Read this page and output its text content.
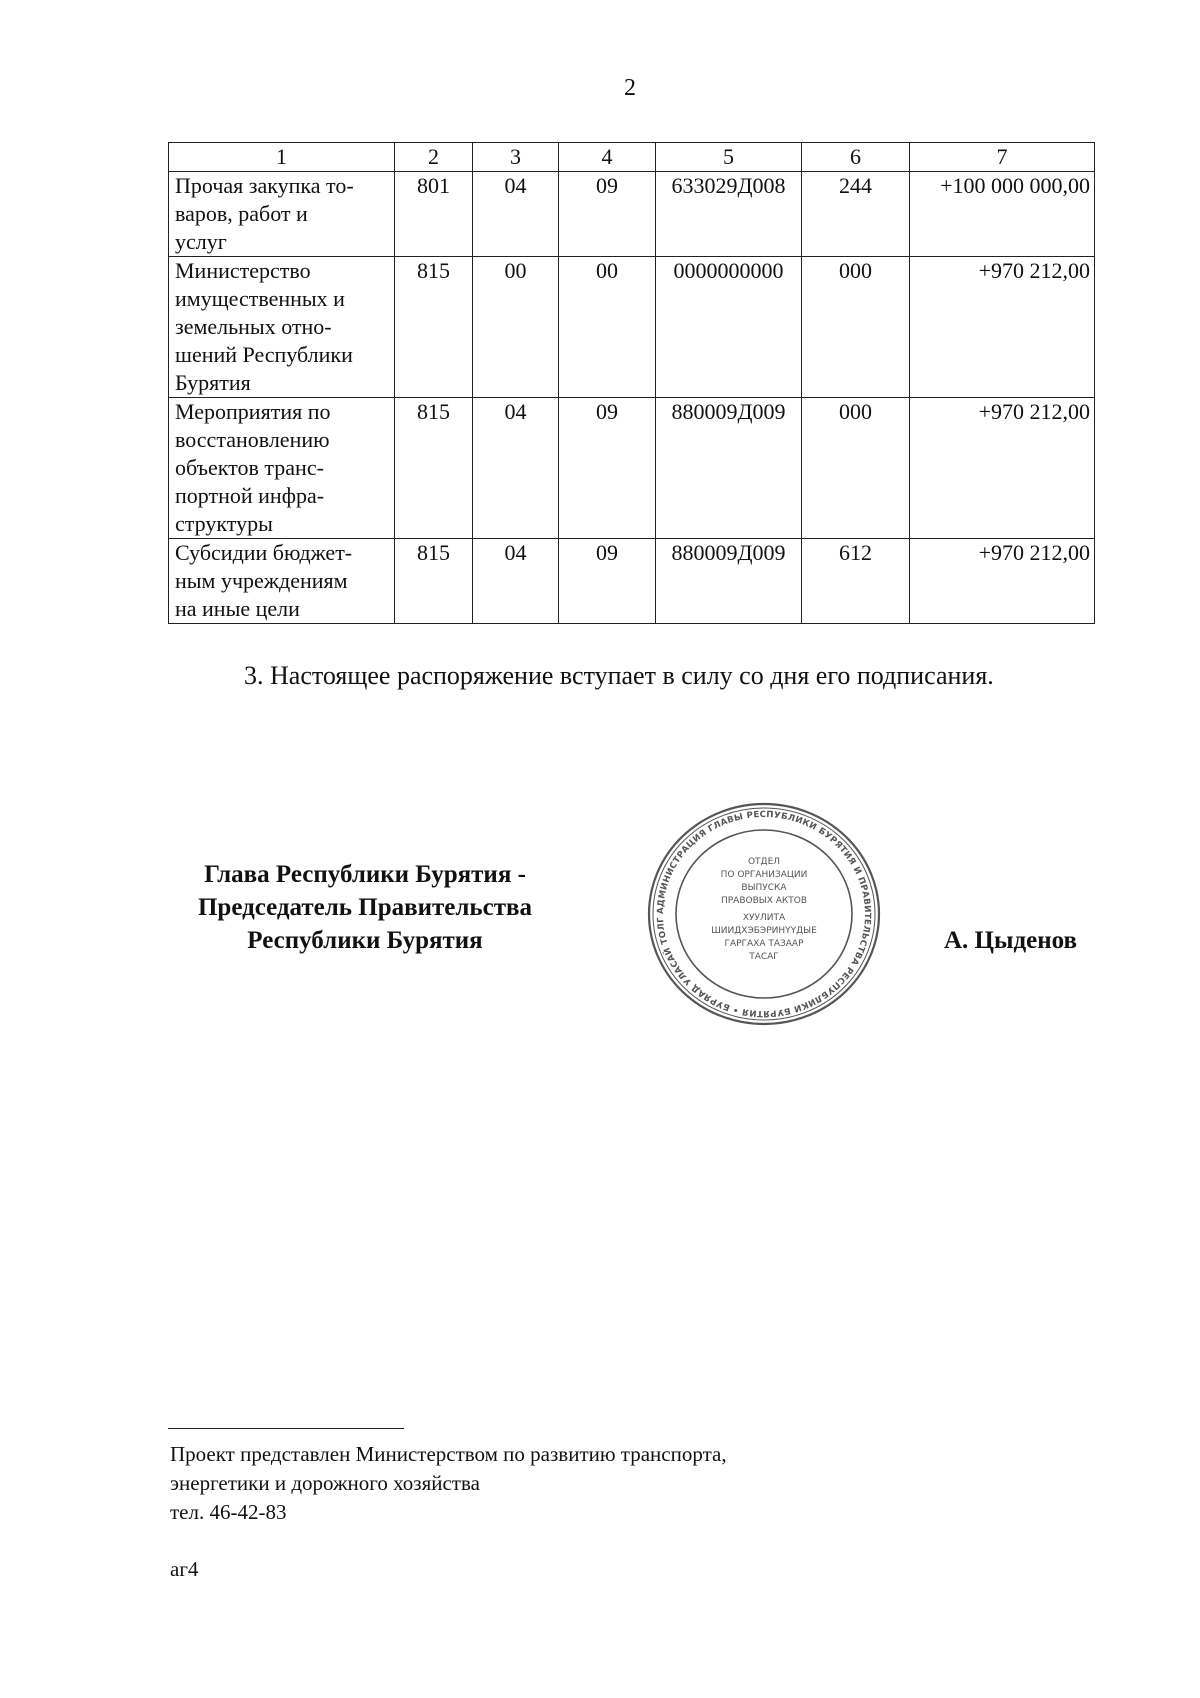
2
1	2	3	4	5	6	7

Прочая закупка то-
варов, работ и
услуг	801	04	09	633029Д008	244	+100 000 000,00

Министерство
имущественных и
земельных отно-
шений Республики
Бурятия	815	00	00	0000000000	000	+970 212,00

Мероприятия по
восстановлению
объектов транс-
портной инфра-
структуры	815	04	09	880009Д009	000	+970 212,00

Субсидии бюджет-
ным учреждениям
на иные цели	815	04	09	880009Д009	612	+970 212,00
3. Настоящее распоряжение вступает в силу со дня его подписания.
Глава Республики Бурятия -
Председатель Правительства
Республики Бурятия
АДМИНИСТРАЦИЯ ГЛАВЫ РЕСПУБЛИКИ БУРЯТИЯ И ПРАВИТЕЛЬСТВА РЕСПУБЛИКИ БУРЯТИЯ • БУРЯАД УЛАСАЙ ТОЛГ
ОТДЕЛ
ПО ОРГАНИЗАЦИИ
ВЫПУСКА
ПРАВОВЫХ АКТОВ
ХУУЛИТА
ШИИДХЭБЭРИНҮҮДЫЕ
ГАРГАХА ТАЗААР
ТАСАГ
А. Цыденов
Проект представлен Министерством по развитию транспорта,
энергетики и дорожного хозяйства
тел. 46-42-83
аг4
